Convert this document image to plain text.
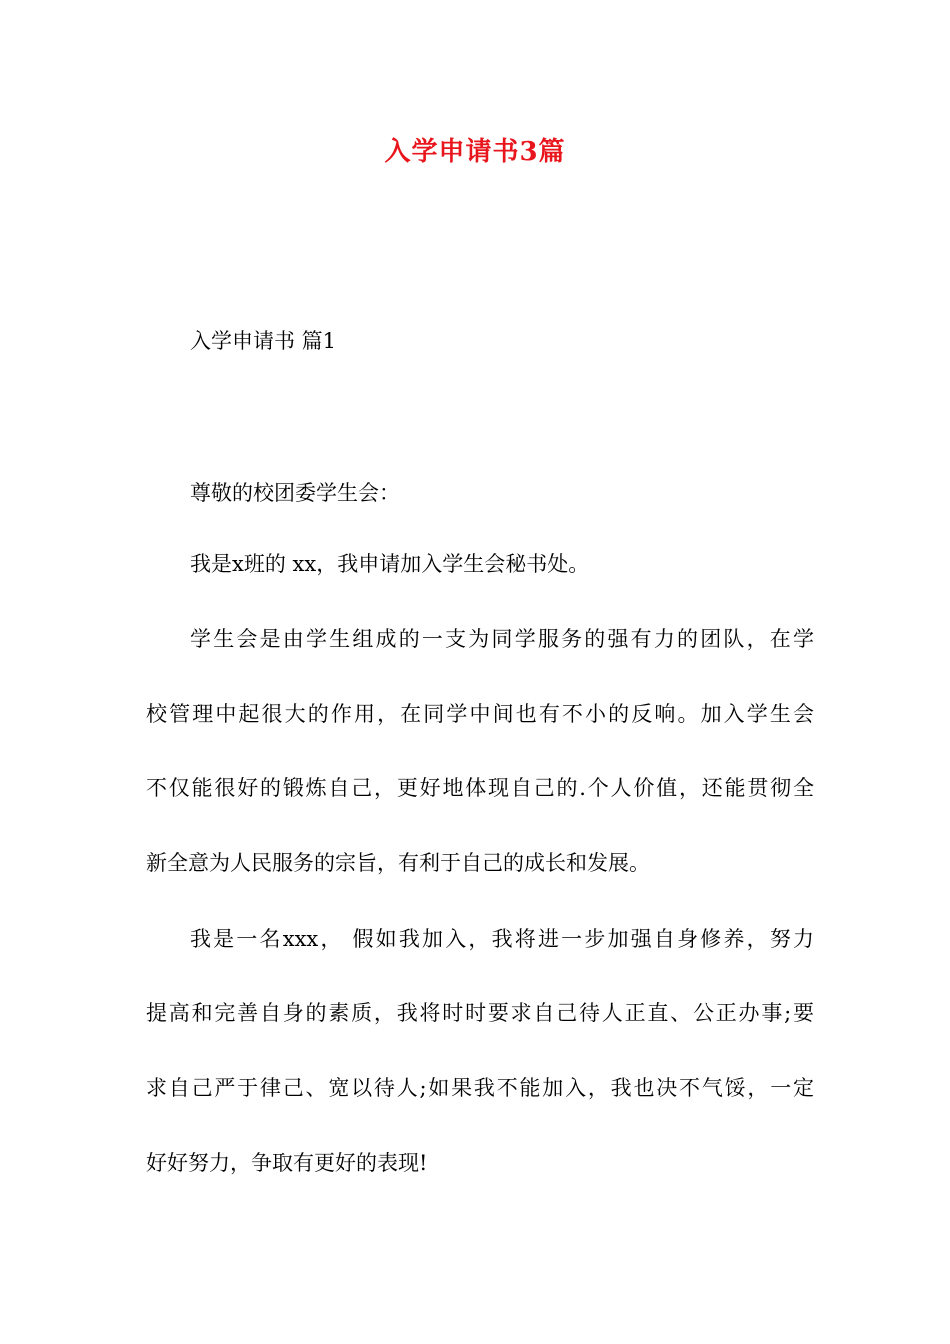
入学申请书3篇

入学申请书 篇1

尊敬的校团委学生会：

我是x班的 xx，我申请加入学生会秘书处。

学生会是由学生组成的一支为同学服务的强有力的团队，在学

校管理中起很大的作用，在同学中间也有不小的反响。加入学生会

不仅能很好的锻炼自己，更好地体现自己的.个人价值，还能贯彻全

新全意为人民服务的宗旨，有利于自己的成长和发展。

我是一名xxx， 假如我加入，我将进一步加强自身修养，努力

提高和完善自身的素质，我将时时要求自己待人正直、公正办事;要

求自己严于律己、宽以待人;如果我不能加入，我也决不气馁，一定

好好努力，争取有更好的表现!
